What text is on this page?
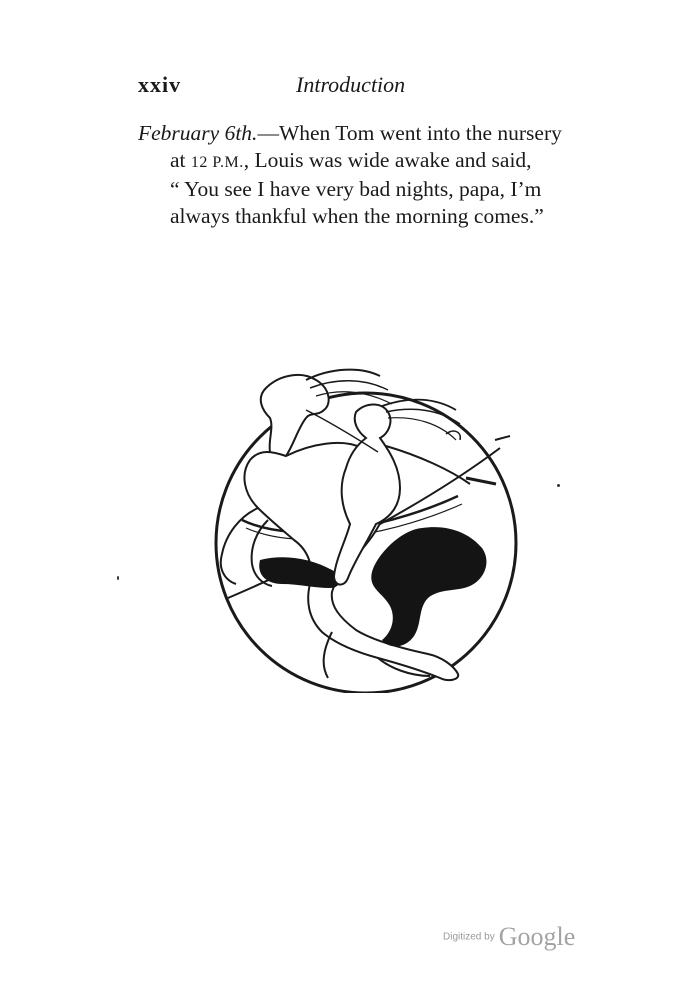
xxiv	Introduction
February 6th.—When Tom went into the nursery
at 12 P.M., Louis was wide awake and said,
“ You see I have very bad nights, papa, I’m
always thankful when the morning comes.”
Digitized by Google
